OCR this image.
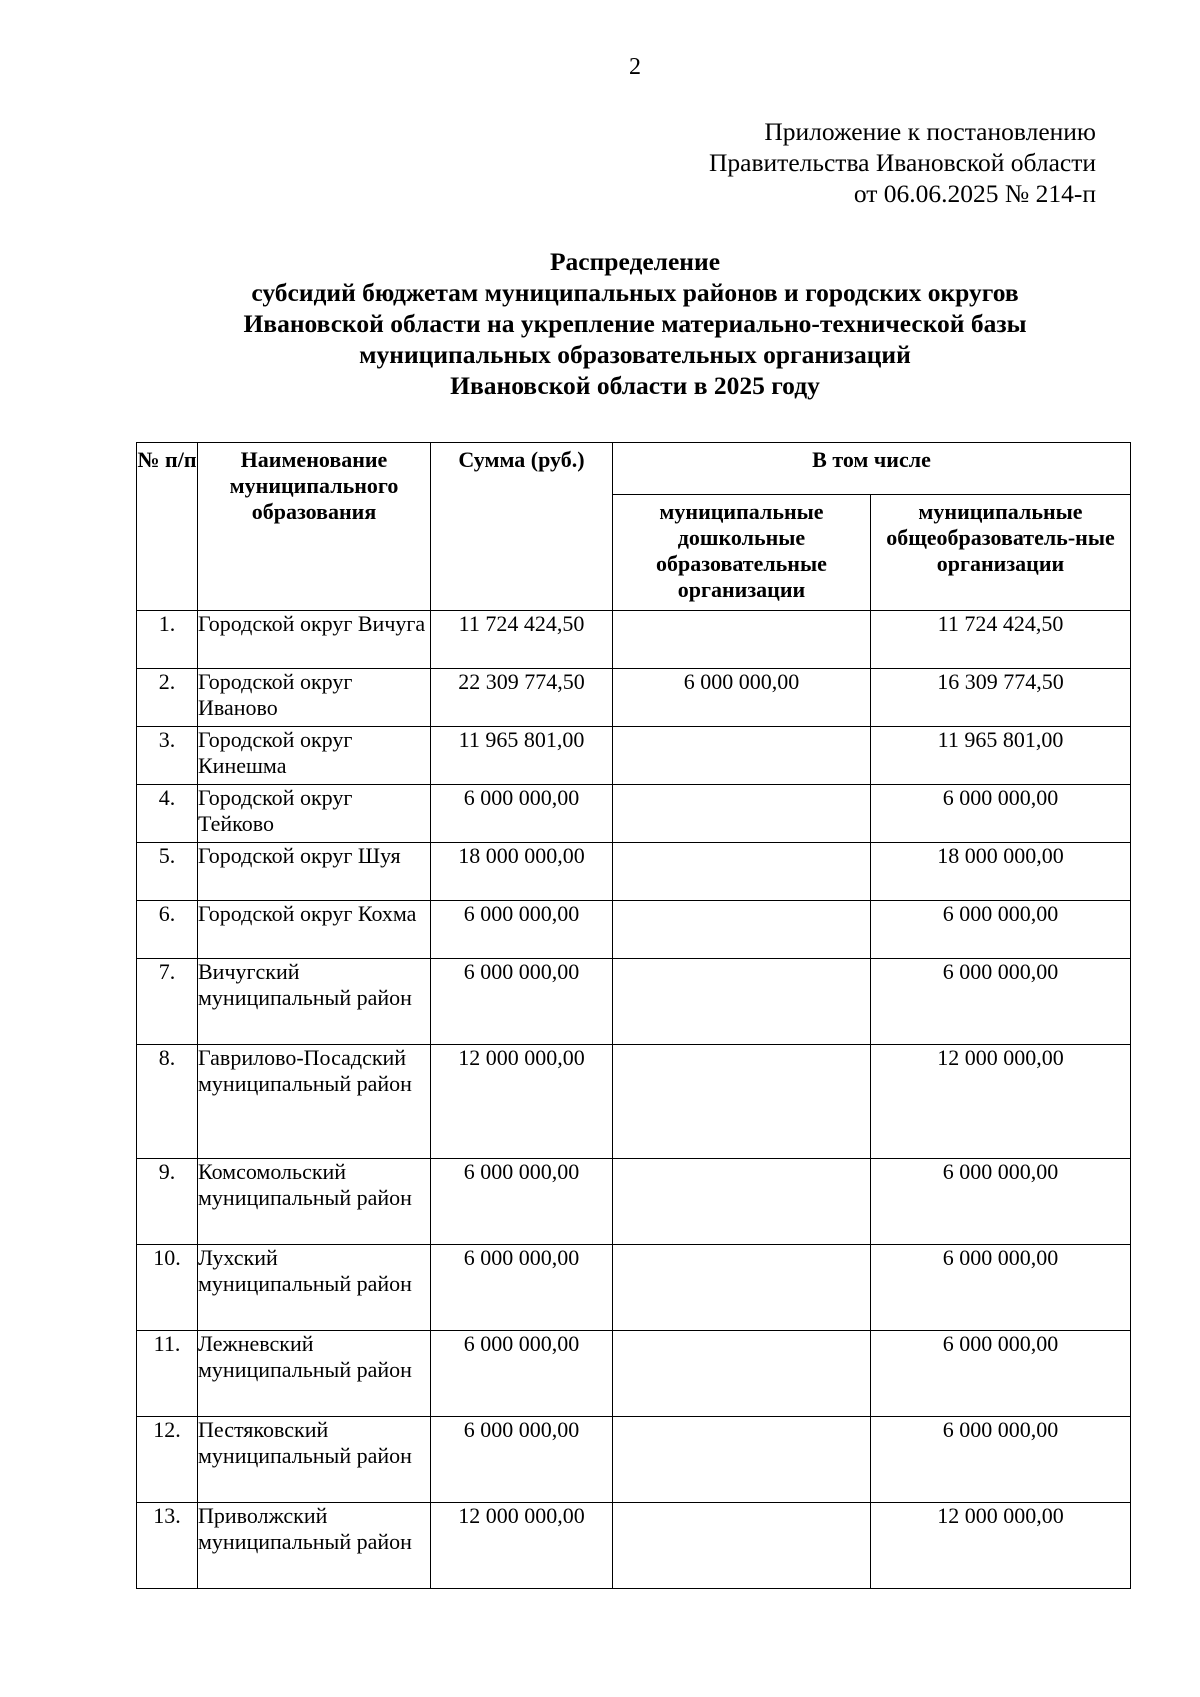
2
Приложение к постановлению
Правительства Ивановской области
от 06.06.2025 № 214-п
Распределение
субсидий бюджетам муниципальных районов и городских округов
Ивановской области на укрепление материально-технической базы
муниципальных образовательных организаций
Ивановской области в 2025 году
№ п/п	Наименование муниципального образования	Сумма (руб.)	В том числе	
			муниципальные дошкольные образовательные организации	муниципальные общеобразователь-ные организации
1.	Городской округ Вичуга	11 724 424,50		11 724 424,50
2.	Городской округ Иваново	22 309 774,50	6 000 000,00	16 309 774,50
3.	Городской округ Кинешма	11 965 801,00		11 965 801,00
4.	Городской округ Тейково	6 000 000,00		6 000 000,00
5.	Городской округ Шуя	18 000 000,00		18 000 000,00
6.	Городской округ Кохма	6 000 000,00		6 000 000,00
7.	Вичугский муниципальный район	6 000 000,00		6 000 000,00
8.	Гаврилово-Посадский муниципальный район	12 000 000,00		12 000 000,00
9.	Комсомольский муниципальный район	6 000 000,00		6 000 000,00
10.	Лухский муниципальный район	6 000 000,00		6 000 000,00
11.	Лежневский муниципальный район	6 000 000,00		6 000 000,00
12.	Пестяковский муниципальный район	6 000 000,00		6 000 000,00
13.	Приволжский муниципальный район	12 000 000,00		12 000 000,00
